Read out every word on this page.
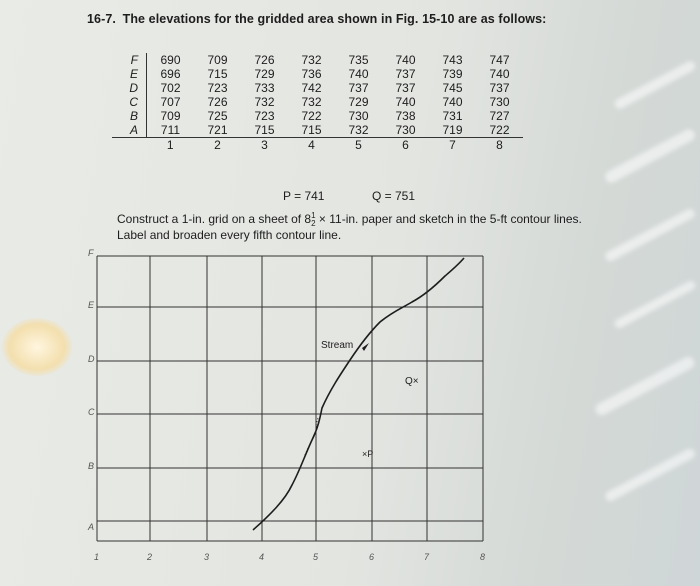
16-7. The elevations for the gridded area shown in Fig. 15-10 are as follows:
F	690	709	726	732	735	740	743	747
E	696	715	729	736	740	737	739	740
D	702	723	733	742	737	737	745	737
C	707	726	732	732	729	740	740	730
B	709	725	723	722	730	738	731	727
A	711	721	715	715	732	730	719	722
	1	2	3	4	5	6	7	8
P = 741	Q = 751
Construct a 1-in. grid on a sheet of 81
2 × 11-in. paper and sketch in the 5-ft contour lines.
Label and broaden every fifth contour line.
F
E
D
C
B
A
1	2	3	4	5	6	7	8
Stream
Q×
×P
